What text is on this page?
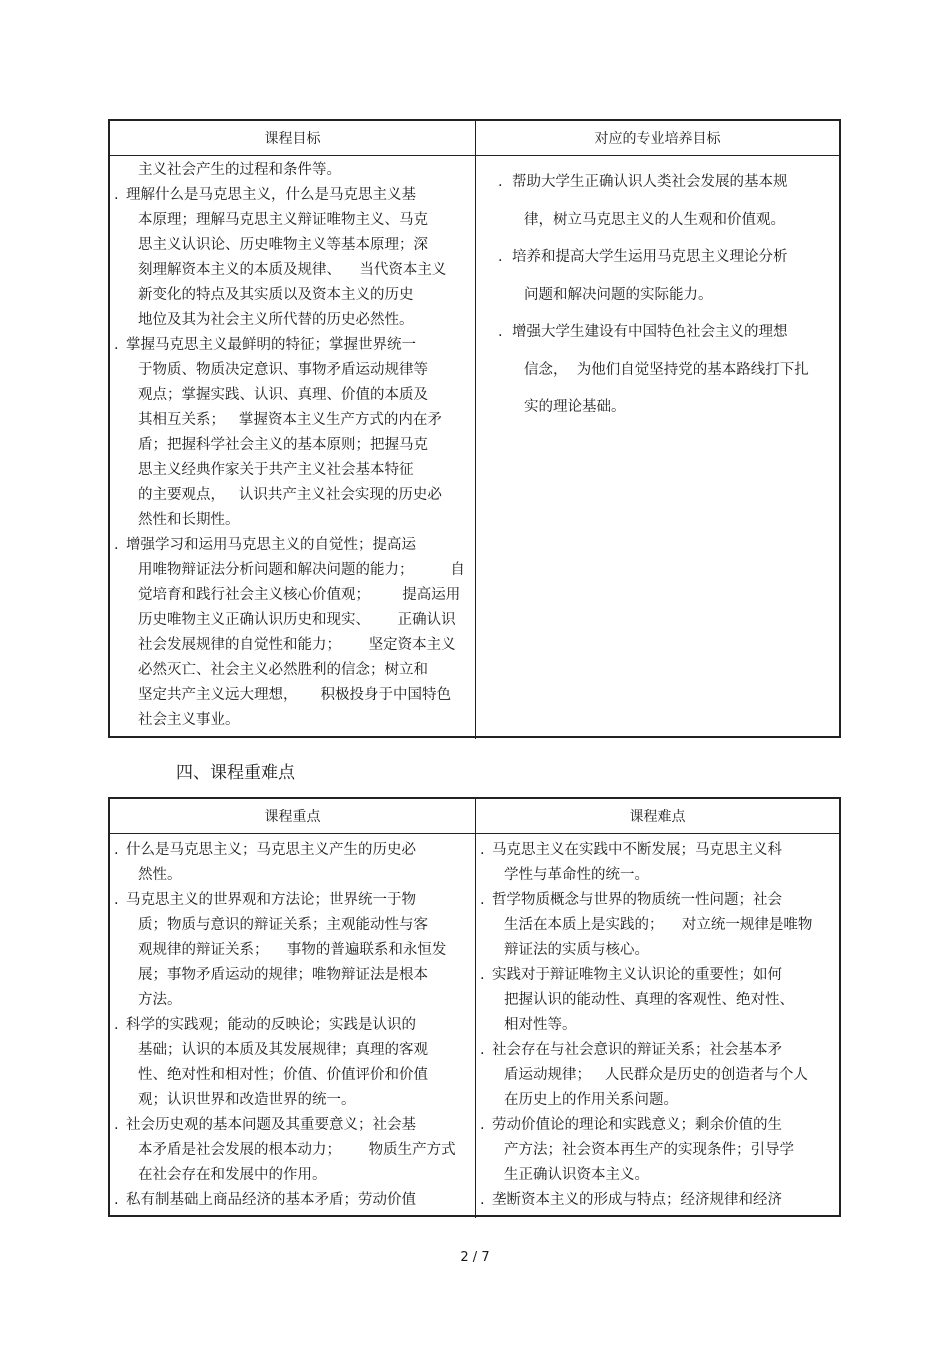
课程目标	对应的专业培养目标
主义社会产生的过程和条件等。
. 理解什么是马克思主义，什么是马克思主义基
本原理；理解马克思主义辩证唯物主义、马克
思主义认识论、历史唯物主义等基本原理；深
刻理解资本主义的本质及规律、    当代资本主义
新变化的特点及其实质以及资本主义的历史
地位及其为社会主义所代替的历史必然性。
. 掌握马克思主义最鲜明的特征；掌握世界统一
于物质、物质决定意识、事物矛盾运动规律等
观点；掌握实践、认识、真理、价值的本质及
其相互关系；   掌握资本主义生产方式的内在矛
盾；把握科学社会主义的基本原则；把握马克
思主义经典作家关于共产主义社会基本特征
的主要观点，   认识共产主义社会实现的历史必
然性和长期性。
. 增强学习和运用马克思主义的自觉性；提高运
用唯物辩证法分析问题和解决问题的能力；        自
觉培育和践行社会主义核心价值观；       提高运用
历史唯物主义正确认识历史和现实、      正确认识
社会发展规律的自觉性和能力；      坚定资本主义
必然灭亡、社会主义必然胜利的信念；树立和
坚定共产主义远大理想，     积极投身于中国特色
社会主义事业。
. 帮助大学生正确认识人类社会发展的基本规
律，树立马克思主义的人生观和价值观。
. 培养和提高大学生运用马克思主义理论分析
问题和解决问题的实际能力。
. 增强大学生建设有中国特色社会主义的理想
信念，  为他们自觉坚持党的基本路线打下扎
实的理论基础。
四、课程重难点
课程重点	课程难点
. 什么是马克思主义；马克思主义产生的历史必
然性。
. 马克思主义的世界观和方法论；世界统一于物
质；物质与意识的辩证关系；主观能动性与客
观规律的辩证关系；    事物的普遍联系和永恒发
展；事物矛盾运动的规律；唯物辩证法是根本
方法。
. 科学的实践观；能动的反映论；实践是认识的
基础；认识的本质及其发展规律；真理的客观
性、绝对性和相对性；价值、价值评价和价值
观；认识世界和改造世界的统一。
. 社会历史观的基本问题及其重要意义；社会基
本矛盾是社会发展的根本动力；      物质生产方式
在社会存在和发展中的作用。
. 私有制基础上商品经济的基本矛盾；劳动价值
. 马克思主义在实践中不断发展；马克思主义科
学性与革命性的统一。
. 哲学物质概念与世界的物质统一性问题；社会
生活在本质上是实践的；    对立统一规律是唯物
辩证法的实质与核心。
. 实践对于辩证唯物主义认识论的重要性；如何
把握认识的能动性、真理的客观性、绝对性、
相对性等。
. 社会存在与社会意识的辩证关系；社会基本矛
盾运动规律；   人民群众是历史的创造者与个人
在历史上的作用关系问题。
. 劳动价值论的理论和实践意义；剩余价值的生
产方法；社会资本再生产的实现条件；引导学
生正确认识资本主义。
. 垄断资本主义的形成与特点；经济规律和经济
2 / 7
